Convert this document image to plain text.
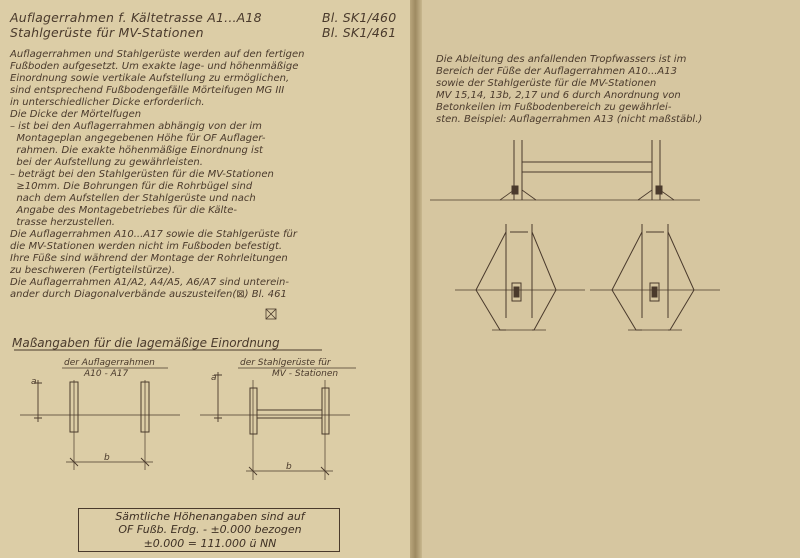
Auflagerrahmen f. Kältetrasse A1...A18
Stahlgerüste für MV-Stationen
Bl. SK1/460
Bl. SK1/461
Auflagerrahmen und Stahlgerüste werden auf den fertigen
Fußboden aufgesetzt. Um exakte lage- und höhenmäßige
Einordnung sowie vertikale Aufstellung zu ermöglichen,
sind entsprechend Fußbodengefälle Mörteifugen MG III
in unterschiedlicher Dicke erforderlich.
Die Dicke der Mörtelfugen
– ist bei den Auflagerrahmen abhängig von der im
Montageplan angegebenen Höhe für OF Auflager-
rahmen. Die exakte höhenmäßige Einordnung ist
bei der Aufstellung zu gewährleisten.
– beträgt bei den Stahlgerüsten für die MV-Stationen
≥10mm. Die Bohrungen für die Rohrbügel sind
nach dem Aufstellen der Stahlgerüste und nach
Angabe des Montagebetriebes für die Kälte-
trasse herzustellen.
Die Auflagerrahmen A10...A17 sowie die Stahlgerüste für
die MV-Stationen werden nicht im Fußboden befestigt.
Ihre Füße sind während der Montage der Rohrleitungen
zu beschweren (Fertigteilstürze).
Die Auflagerrahmen A1/A2, A4/A5, A6/A7 sind unterein-
ander durch Diagonalverbände auszusteifen(⊠) Bl. 461
Maßangaben für die lagemäßige Einordnung
der Auflagerrahmen
A10 - A17
der Stahlgerüste für
MV - Stationen
a	a
b
b
Sämtliche Höhenangaben sind auf
OF Fußb. Erdg. - ±0.000 bezogen
±0.000 = 111.000 ü NN
Die Ableitung des anfallenden Tropfwassers ist im
Bereich der Füße der Auflagerrahmen A10...A13
sowie der Stahlgerüste für die MV-Stationen
MV 15,14, 13b, 2,17 und 6 durch Anordnung von
Betonkeilen im Fußbodenbereich zu gewährlei-
sten. Beispiel: Auflagerrahmen A13 (nicht maßstäbl.)
